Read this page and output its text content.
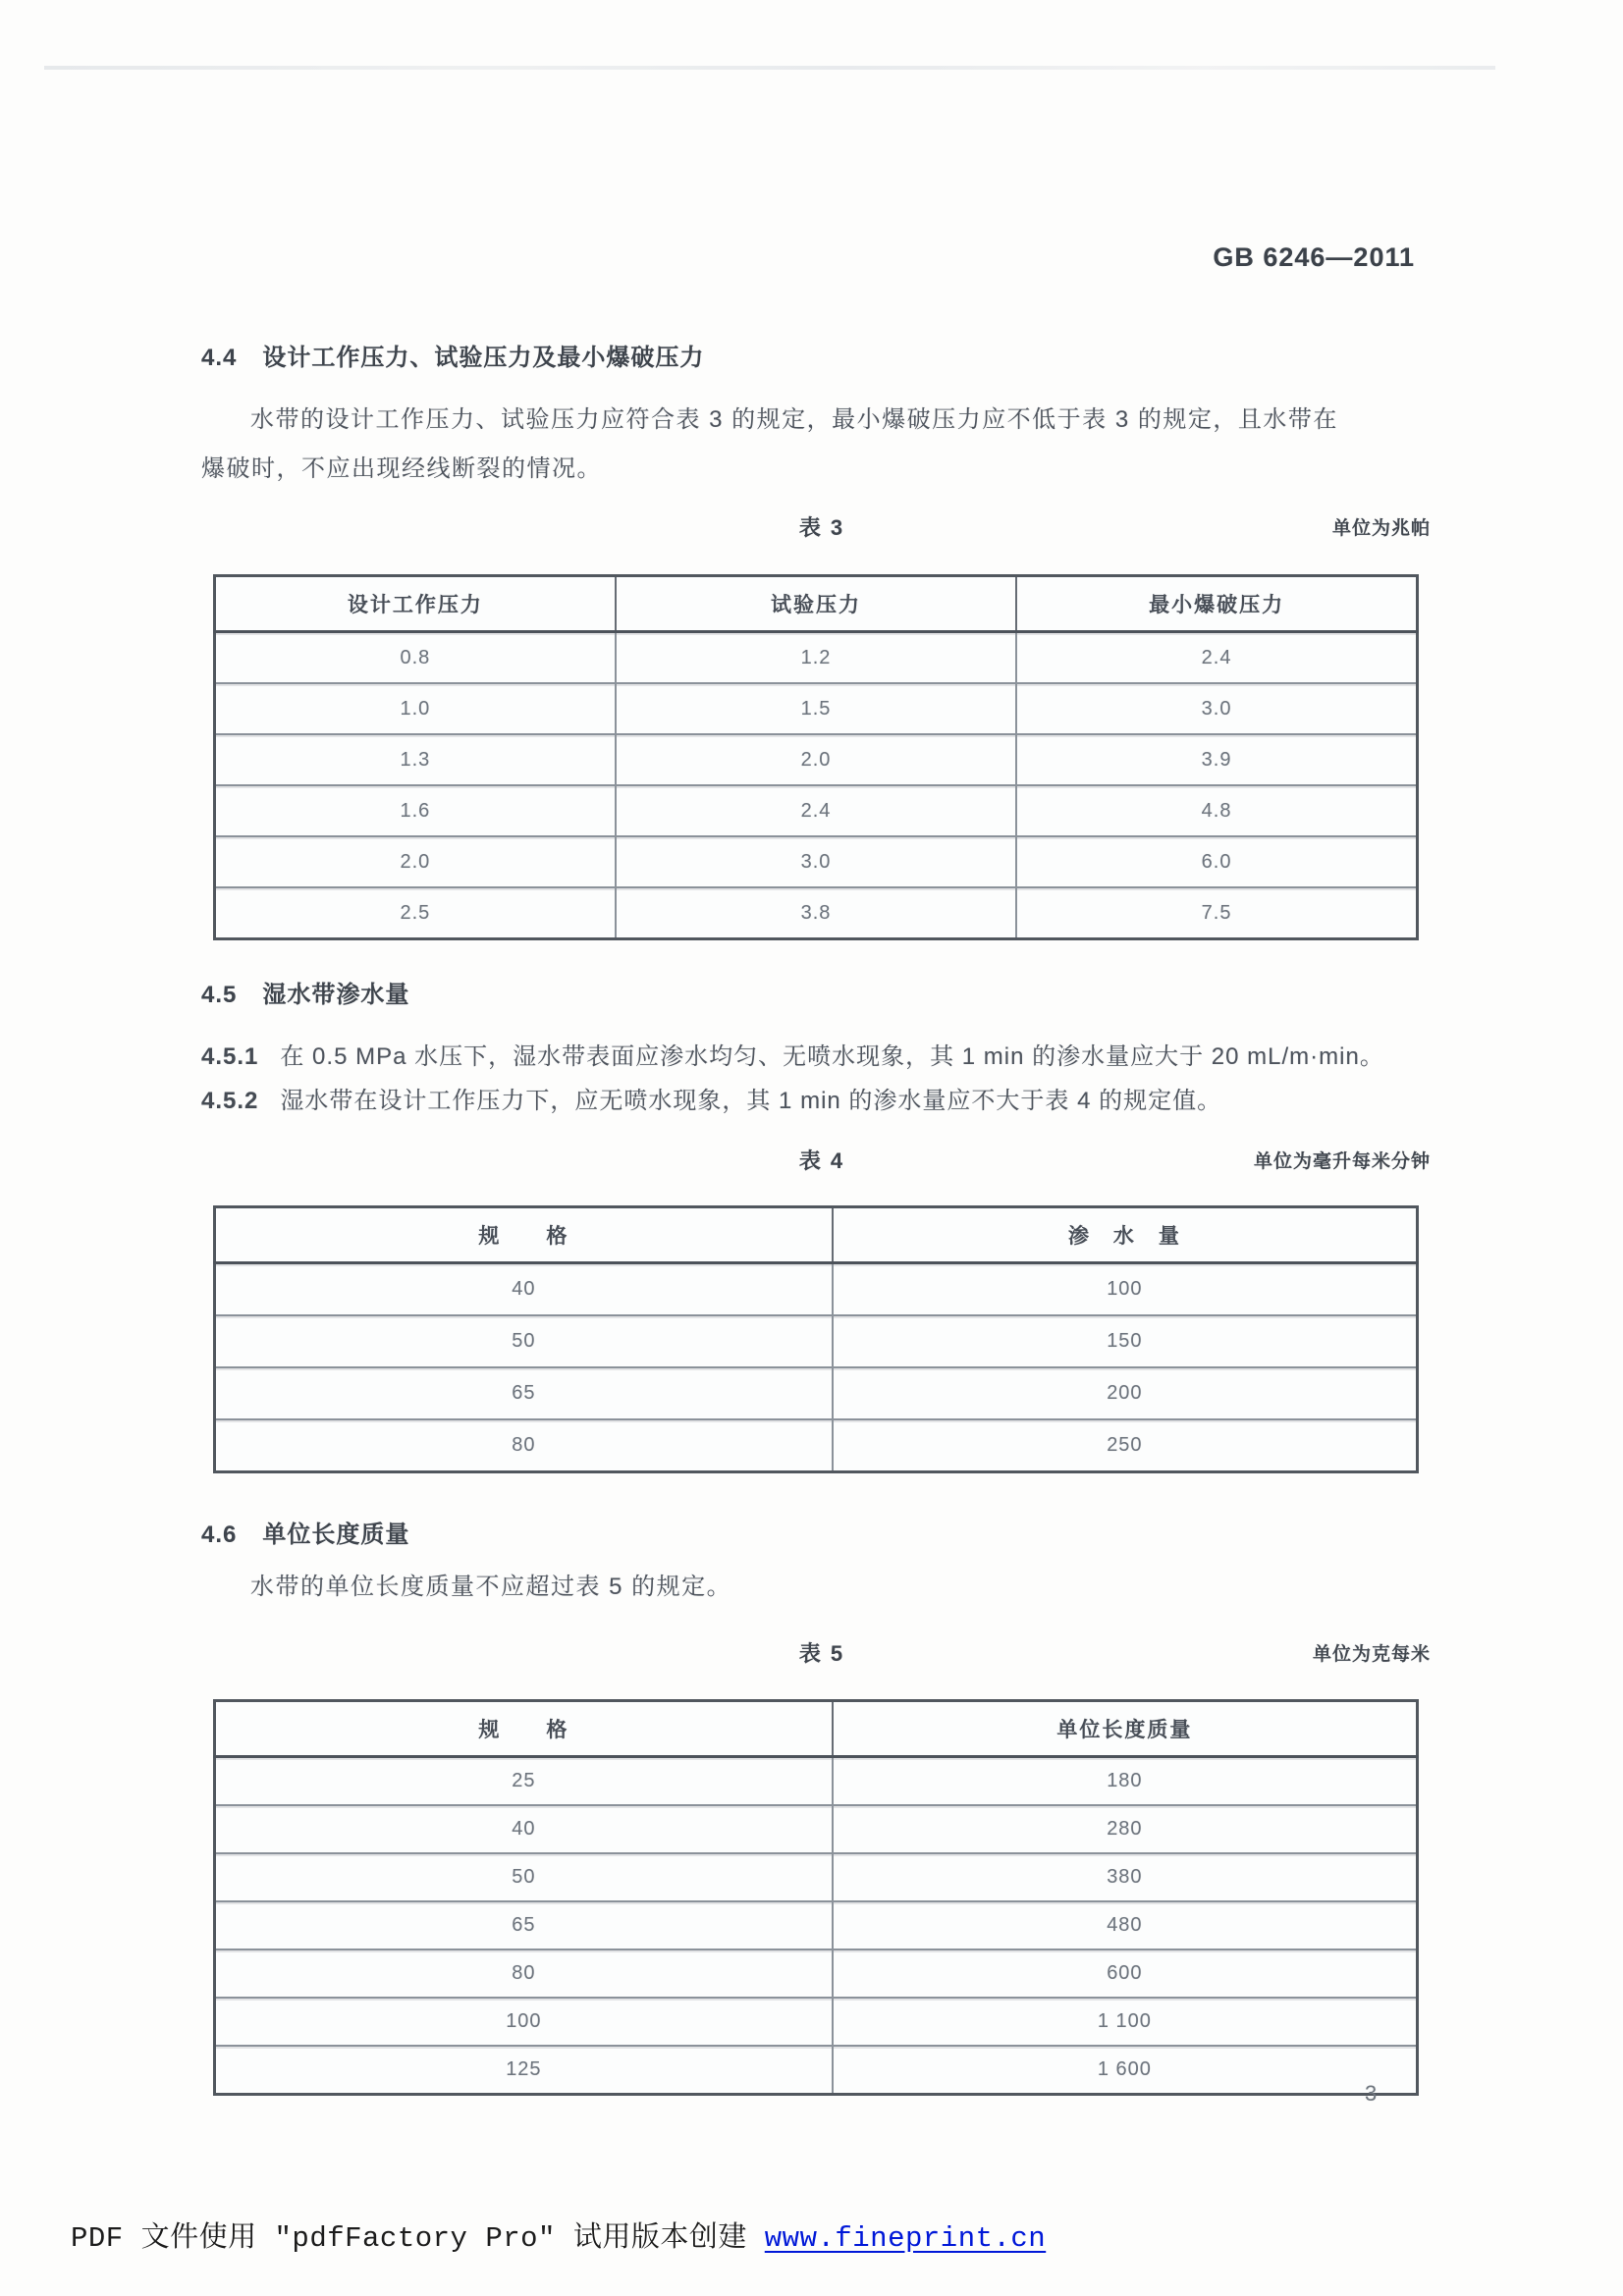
GB 6246—2011
4.4 设计工作压力、试验压力及最小爆破压力
水带的设计工作压力、试验压力应符合表 3 的规定，最小爆破压力应不低于表 3 的规定，且水带在
爆破时，不应出现经线断裂的情况。
表 3	单位为兆帕
设计工作压力	试验压力	最小爆破压力
0.8	1.2	2.4
1.0	1.5	3.0
1.3	2.0	3.9
1.6	2.4	4.8
2.0	3.0	6.0
2.5	3.8	7.5
4.5 湿水带渗水量
4.5.1 在 0.5 MPa 水压下，湿水带表面应渗水均匀、无喷水现象，其 1 min 的渗水量应大于 20 mL/m·min。
4.5.2 湿水带在设计工作压力下，应无喷水现象，其 1 min 的渗水量应不大于表 4 的规定值。
表 4	单位为毫升每米分钟
规　　格	渗　水　量
40	100
50	150
65	200
80	250
4.6 单位长度质量
水带的单位长度质量不应超过表 5 的规定。
表 5	单位为克每米
规　　格	单位长度质量
25	180
40	280
50	380
65	480
80	600
100	1 100
125	1 600
3
PDF 文件使用 "pdfFactory Pro" 试用版本创建 www.fineprint.cn
